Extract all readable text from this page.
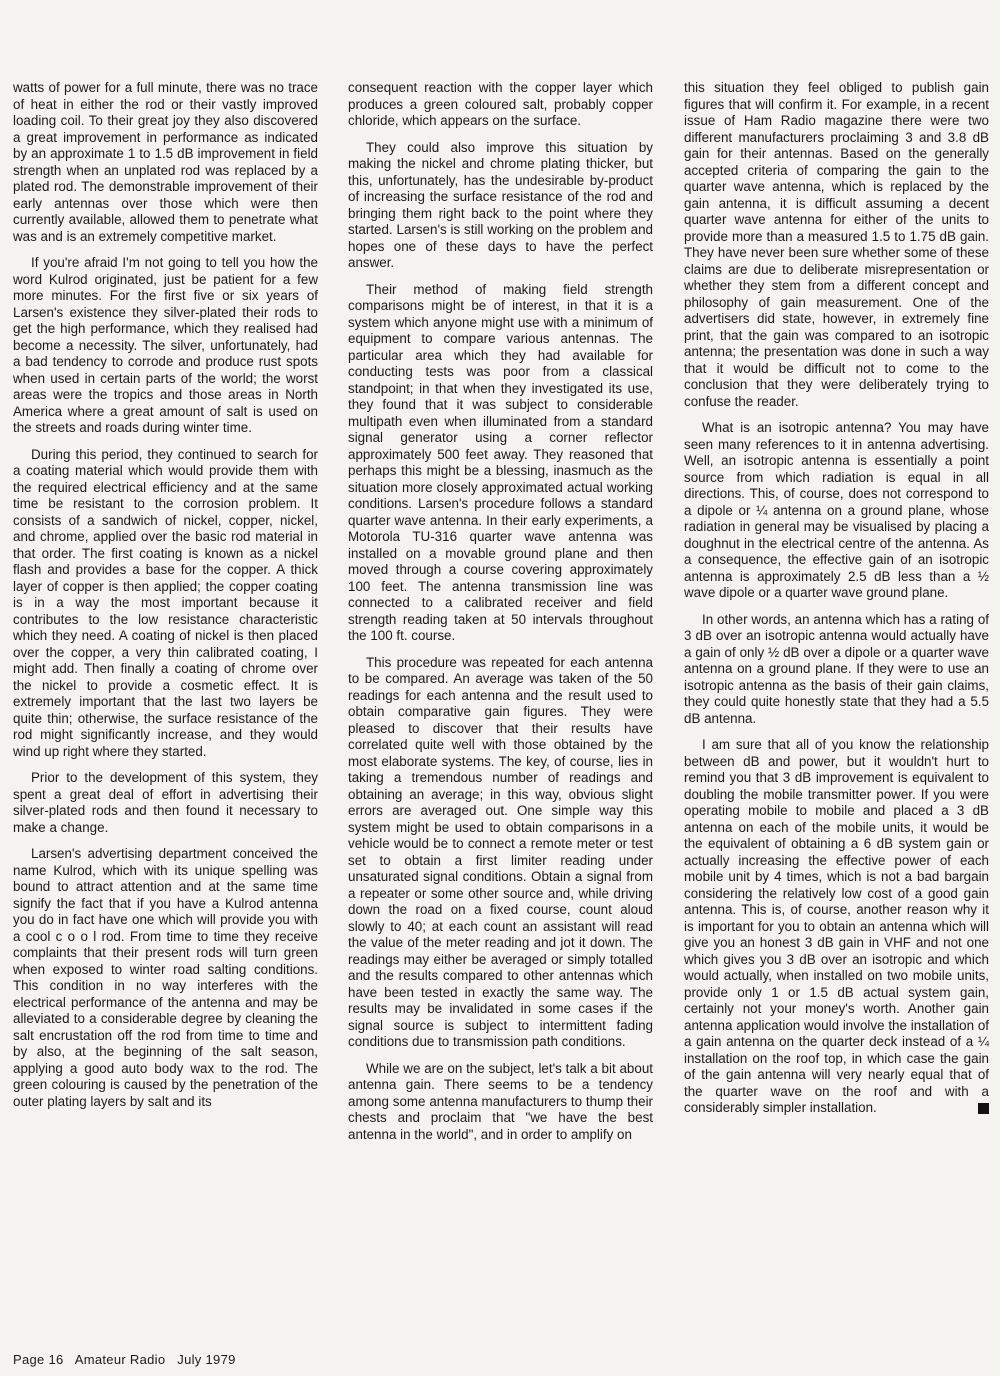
watts of power for a full minute, there was no trace of heat in either the rod or their vastly improved loading coil. To their great joy they also discovered a great improvement in performance as indicated by an approximate 1 to 1.5 dB improvement in field strength when an unplated rod was replaced by a plated rod. The demonstrable improvement of their early antennas over those which were then currently available, allowed them to penetrate what was and is an extremely competitive market.

If you're afraid I'm not going to tell you how the word Kulrod originated, just be patient for a few more minutes. For the first five or six years of Larsen's existence they silver-plated their rods to get the high performance, which they realised had become a necessity. The silver, unfortunately, had a bad tendency to corrode and produce rust spots when used in certain parts of the world; the worst areas were the tropics and those areas in North America where a great amount of salt is used on the streets and roads during winter time.

During this period, they continued to search for a coating material which would provide them with the required electrical efficiency and at the same time be resistant to the corrosion problem. It consists of a sandwich of nickel, copper, nickel, and chrome, applied over the basic rod material in that order. The first coating is known as a nickel flash and provides a base for the copper. A thick layer of copper is then applied; the copper coating is in a way the most important because it contributes to the low resistance characteristic which they need. A coating of nickel is then placed over the copper, a very thin calibrated coating, I might add. Then finally a coating of chrome over the nickel to provide a cosmetic effect. It is extremely important that the last two layers be quite thin; otherwise, the surface resistance of the rod might significantly increase, and they would wind up right where they started.

Prior to the development of this system, they spent a great deal of effort in advertising their silver-plated rods and then found it necessary to make a change.

Larsen's advertising department conceived the name Kulrod, which with its unique spelling was bound to attract attention and at the same time signify the fact that if you have a Kulrod antenna you do in fact have one which will provide you with a cool c o o l rod. From time to time they receive complaints that their present rods will turn green when exposed to winter road salting conditions. This condition in no way interferes with the electrical performance of the antenna and may be alleviated to a considerable degree by cleaning the salt encrustation off the rod from time to time and by also, at the beginning of the salt season, applying a good auto body wax to the rod. The green colouring is caused by the penetration of the outer plating layers by salt and its

consequent reaction with the copper layer which produces a green coloured salt, probably copper chloride, which appears on the surface.

They could also improve this situation by making the nickel and chrome plating thicker, but this, unfortunately, has the undesirable by-product of increasing the surface resistance of the rod and bringing them right back to the point where they started. Larsen's is still working on the problem and hopes one of these days to have the perfect answer.

Their method of making field strength comparisons might be of interest, in that it is a system which anyone might use with a minimum of equipment to compare various antennas. The particular area which they had available for conducting tests was poor from a classical standpoint; in that when they investigated its use, they found that it was subject to considerable multipath even when illuminated from a standard signal generator using a corner reflector approximately 500 feet away. They reasoned that perhaps this might be a blessing, inasmuch as the situation more closely approximated actual working conditions. Larsen's procedure follows a standard quarter wave antenna. In their early experiments, a Motorola TU-316 quarter wave antenna was installed on a movable ground plane and then moved through a course covering approximately 100 feet. The antenna transmission line was connected to a calibrated receiver and field strength reading taken at 50 intervals throughout the 100 ft. course.

This procedure was repeated for each antenna to be compared. An average was taken of the 50 readings for each antenna and the result used to obtain comparative gain figures. They were pleased to discover that their results have correlated quite well with those obtained by the most elaborate systems. The key, of course, lies in taking a tremendous number of readings and obtaining an average; in this way, obvious slight errors are averaged out. One simple way this system might be used to obtain comparisons in a vehicle would be to connect a remote meter or test set to obtain a first limiter reading under unsaturated signal conditions. Obtain a signal from a repeater or some other source and, while driving down the road on a fixed course, count aloud slowly to 40; at each count an assistant will read the value of the meter reading and jot it down. The readings may either be averaged or simply totalled and the results compared to other antennas which have been tested in exactly the same way. The results may be invalidated in some cases if the signal source is subject to intermittent fading conditions due to transmission path conditions.

While we are on the subject, let's talk a bit about antenna gain. There seems to be a tendency among some antenna manufacturers to thump their chests and proclaim that "we have the best antenna in the world", and in order to amplify on

this situation they feel obliged to publish gain figures that will confirm it. For example, in a recent issue of Ham Radio magazine there were two different manufacturers proclaiming 3 and 3.8 dB gain for their antennas. Based on the generally accepted criteria of comparing the gain to the quarter wave antenna, which is replaced by the gain antenna, it is difficult assuming a decent quarter wave antenna for either of the units to provide more than a measured 1.5 to 1.75 dB gain. They have never been sure whether some of these claims are due to deliberate misrepresentation or whether they stem from a different concept and philosophy of gain measurement. One of the advertisers did state, however, in extremely fine print, that the gain was compared to an isotropic antenna; the presentation was done in such a way that it would be difficult not to come to the conclusion that they were deliberately trying to confuse the reader.

What is an isotropic antenna? You may have seen many references to it in antenna advertising. Well, an isotropic antenna is essentially a point source from which radiation is equal in all directions. This, of course, does not correspond to a dipole or ¼ antenna on a ground plane, whose radiation in general may be visualised by placing a doughnut in the electrical centre of the antenna. As a consequence, the effective gain of an isotropic antenna is approximately 2.5 dB less than a ½ wave dipole or a quarter wave ground plane.

In other words, an antenna which has a rating of 3 dB over an isotropic antenna would actually have a gain of only ½ dB over a dipole or a quarter wave antenna on a ground plane. If they were to use an isotropic antenna as the basis of their gain claims, they could quite honestly state that they had a 5.5 dB antenna.

I am sure that all of you know the relationship between dB and power, but it wouldn't hurt to remind you that 3 dB improvement is equivalent to doubling the mobile transmitter power. If you were operating mobile to mobile and placed a 3 dB antenna on each of the mobile units, it would be the equivalent of obtaining a 6 dB system gain or actually increasing the effective power of each mobile unit by 4 times, which is not a bad bargain considering the relatively low cost of a good gain antenna. This is, of course, another reason why it is important for you to obtain an antenna which will give you an honest 3 dB gain in VHF and not one which gives you 3 dB over an isotropic and which would actually, when installed on two mobile units, provide only 1 or 1.5 dB actual system gain, certainly not your money's worth. Another gain antenna application would involve the installation of a gain antenna on the quarter deck instead of a ¼ installation on the roof top, in which case the gain of the gain antenna will very nearly equal that of the quarter wave on the roof and with a considerably simpler installation.

Page 16 Amateur Radio July 1979
